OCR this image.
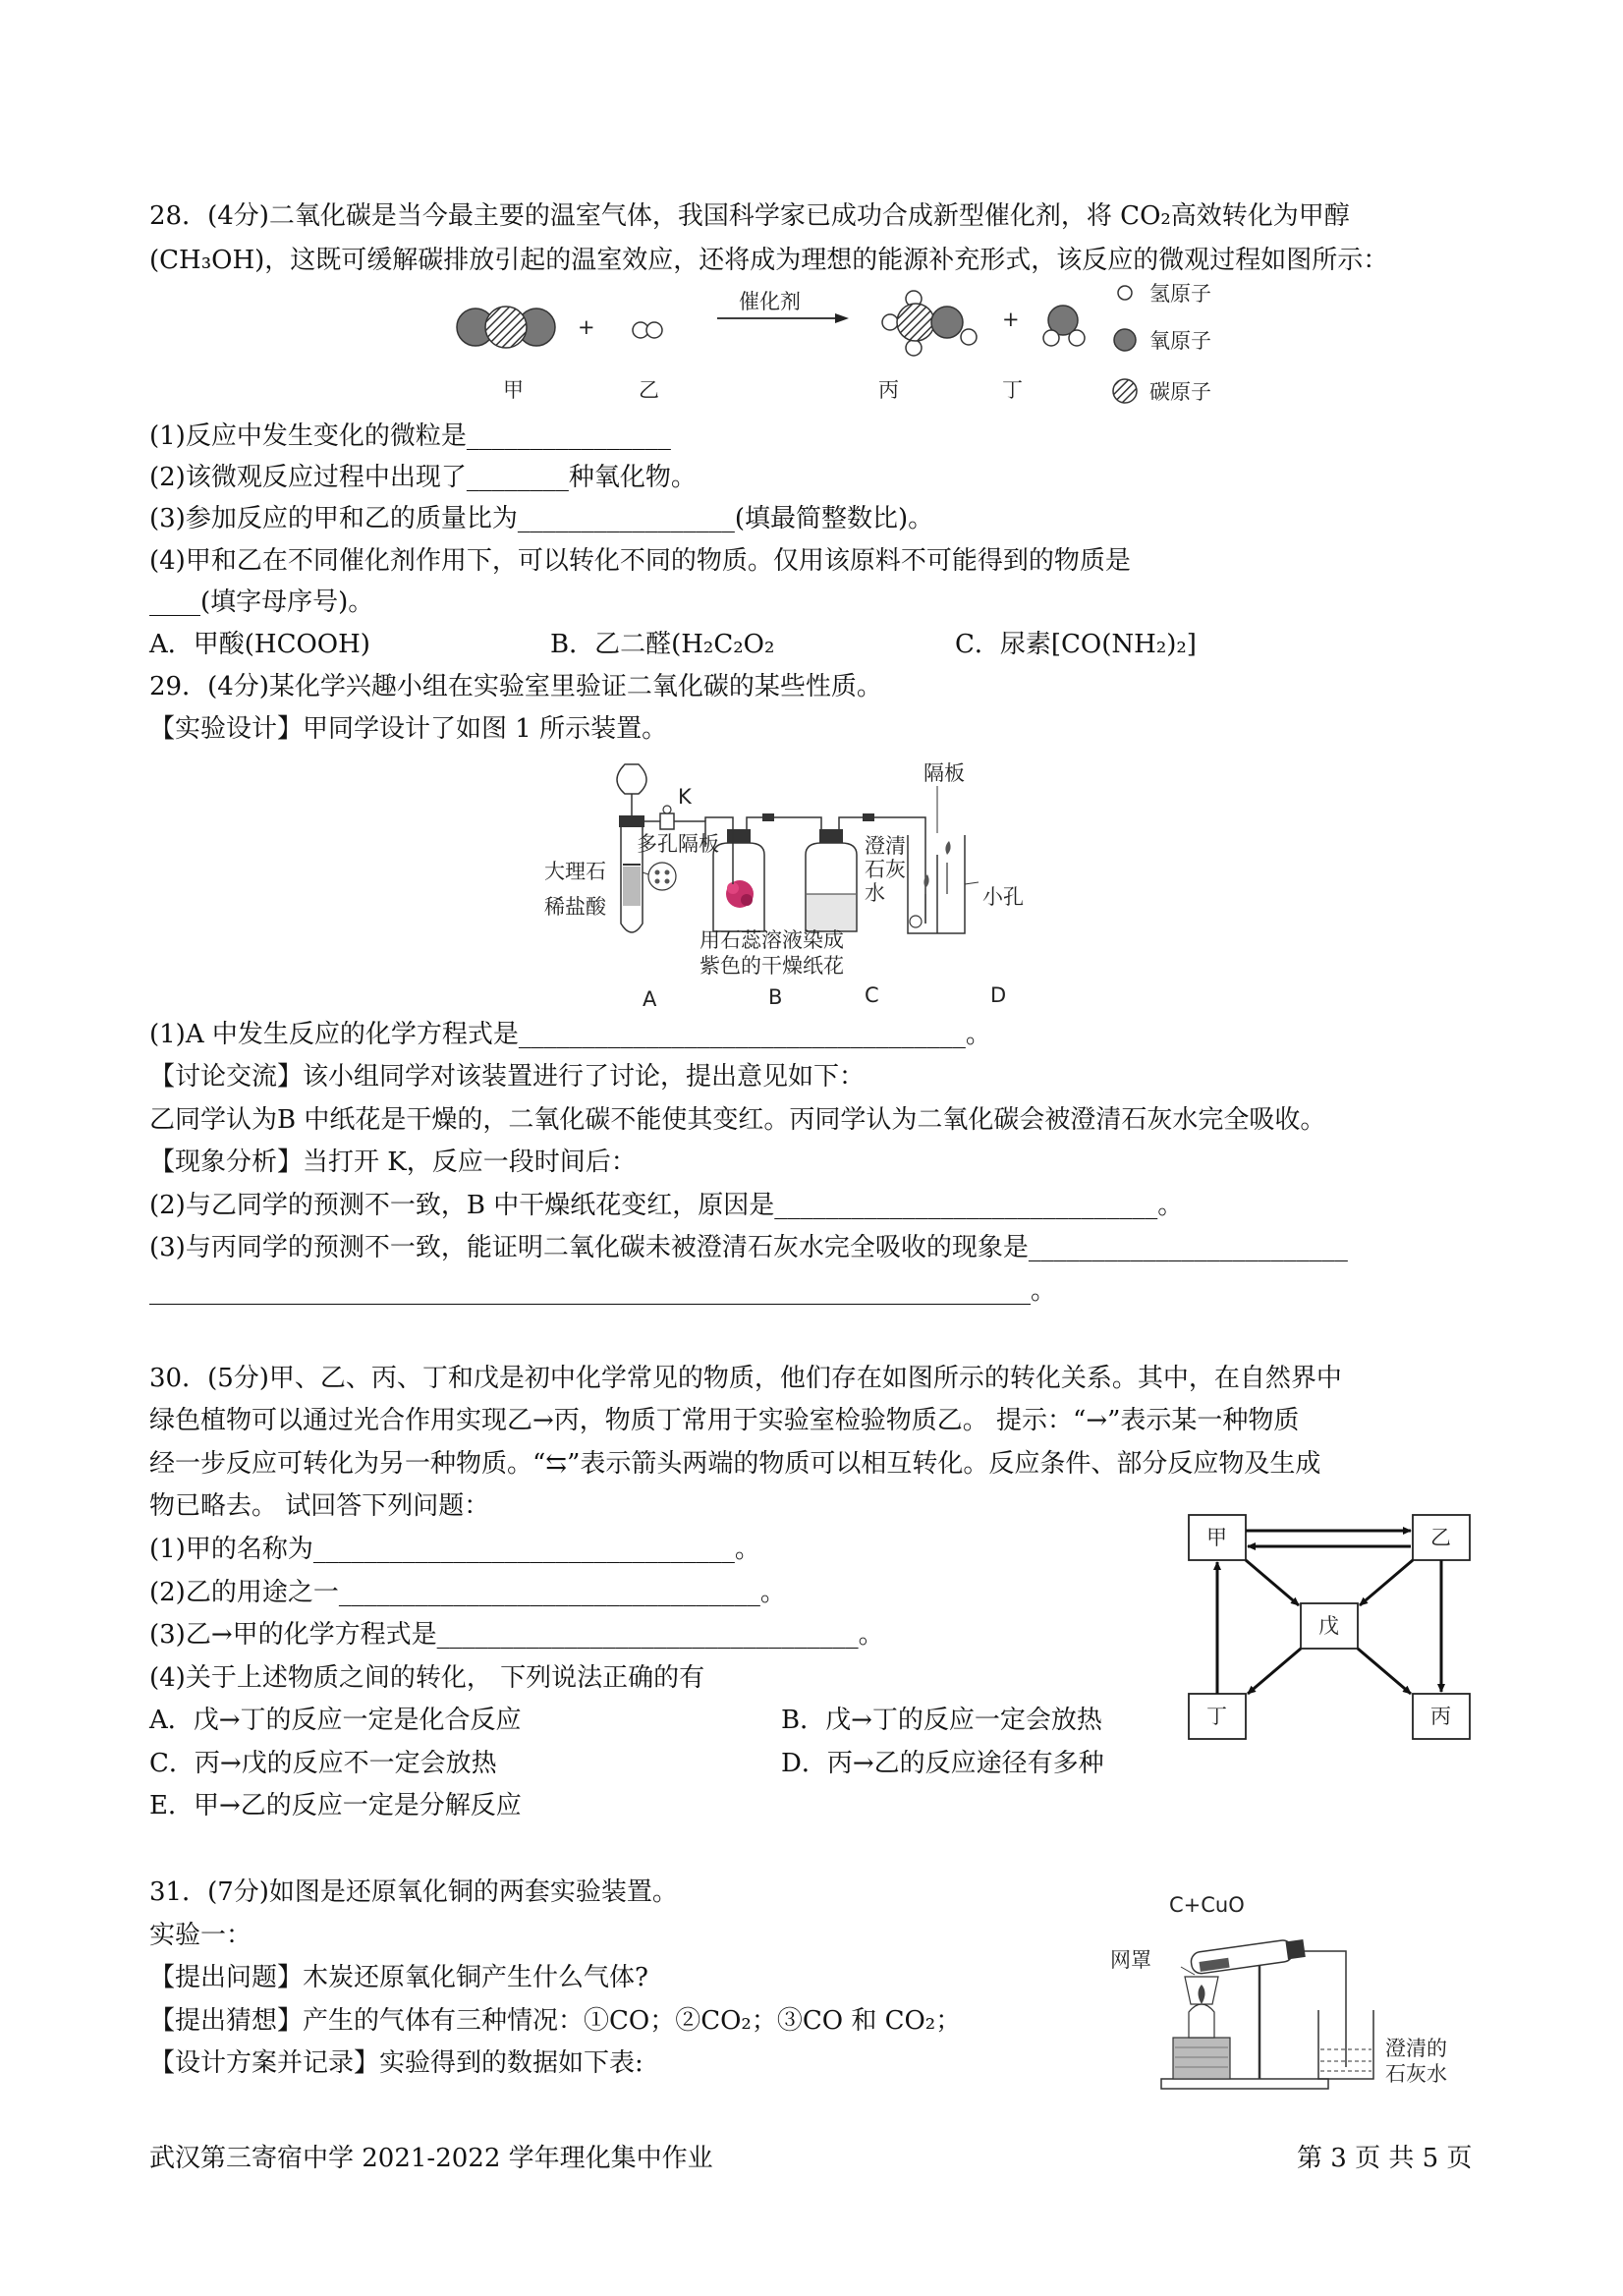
28．(4分)二氧化碳是当今最主要的温室气体，我国科学家已成功合成新型催化剂，将 CO₂高效转化为甲醇
(CH₃OH)，这既可缓解碳排放引起的温室效应，还将成为理想的能源补充形式，该反应的微观过程如图所示：
+
催化剂
+
氢原子
氧原子
碳原子
甲	乙	丙	丁
(1)反应中发生变化的微粒是________________
(2)该微观反应过程中出现了________种氧化物。
(3)参加反应的甲和乙的质量比为_________________(填最简整数比)。
(4)甲和乙在不同催化剂作用下，可以转化不同的物质。仅用该原料不可能得到的物质是
____(填字母序号)。
A．甲酸(HCOOH)	B．乙二醛(H₂C₂O₂	C．尿素[CO(NH₂)₂]
29．(4分)某化学兴趣小组在实验室里验证二氧化碳的某些性质。
【实验设计】甲同学设计了如图 1 所示装置。
K
隔板
多孔隔板
大理石
稀盐酸
用石蕊溶液染成
紫色的干燥纸花
澄清
石灰
水	小孔
A	B	C	D
(1)A 中发生反应的化学方程式是___________________________________。
【讨论交流】该小组同学对该装置进行了讨论，提出意见如下：
乙同学认为B 中纸花是干燥的，二氧化碳不能使其变红。丙同学认为二氧化碳会被澄清石灰水完全吸收。
【现象分析】当打开 K，反应一段时间后：
(2)与乙同学的预测不一致，B 中干燥纸花变红，原因是______________________________。
(3)与丙同学的预测不一致，能证明二氧化碳未被澄清石灰水完全吸收的现象是_________________________
_____________________________________________________________________。
30．(5分)甲、乙、丙、丁和戊是初中化学常见的物质，他们存在如图所示的转化关系。其中，在自然界中
绿色植物可以通过光合作用实现乙→丙，物质丁常用于实验室检验物质乙。 提示：“→”表示某一种物质
经一步反应可转化为另一种物质。“⇆”表示箭头两端的物质可以相互转化。反应条件、部分反应物及生成
物已略去。 试回答下列问题：
(1)甲的名称为_________________________________。
(2)乙的用途之一_________________________________。
(3)乙→甲的化学方程式是_________________________________。
(4)关于上述物质之间的转化， 下列说法正确的有
A．戊→丁的反应一定是化合反应	B．戊→丁的反应一定会放热
C．丙→戊的反应不一定会放热	D．丙→乙的反应途径有多种
E．甲→乙的反应一定是分解反应
甲	乙
戊
丁	丙
31．(7分)如图是还原氧化铜的两套实验装置。
实验一：
【提出问题】木炭还原氧化铜产生什么气体?
【提出猜想】产生的气体有三种情况：①CO；②CO₂；③CO 和 CO₂；
【设计方案并记录】实验得到的数据如下表:
C+CuO
网罩
澄清的
石灰水
武汉第三寄宿中学 2021-2022 学年理化集中作业	第 3 页 共 5 页
